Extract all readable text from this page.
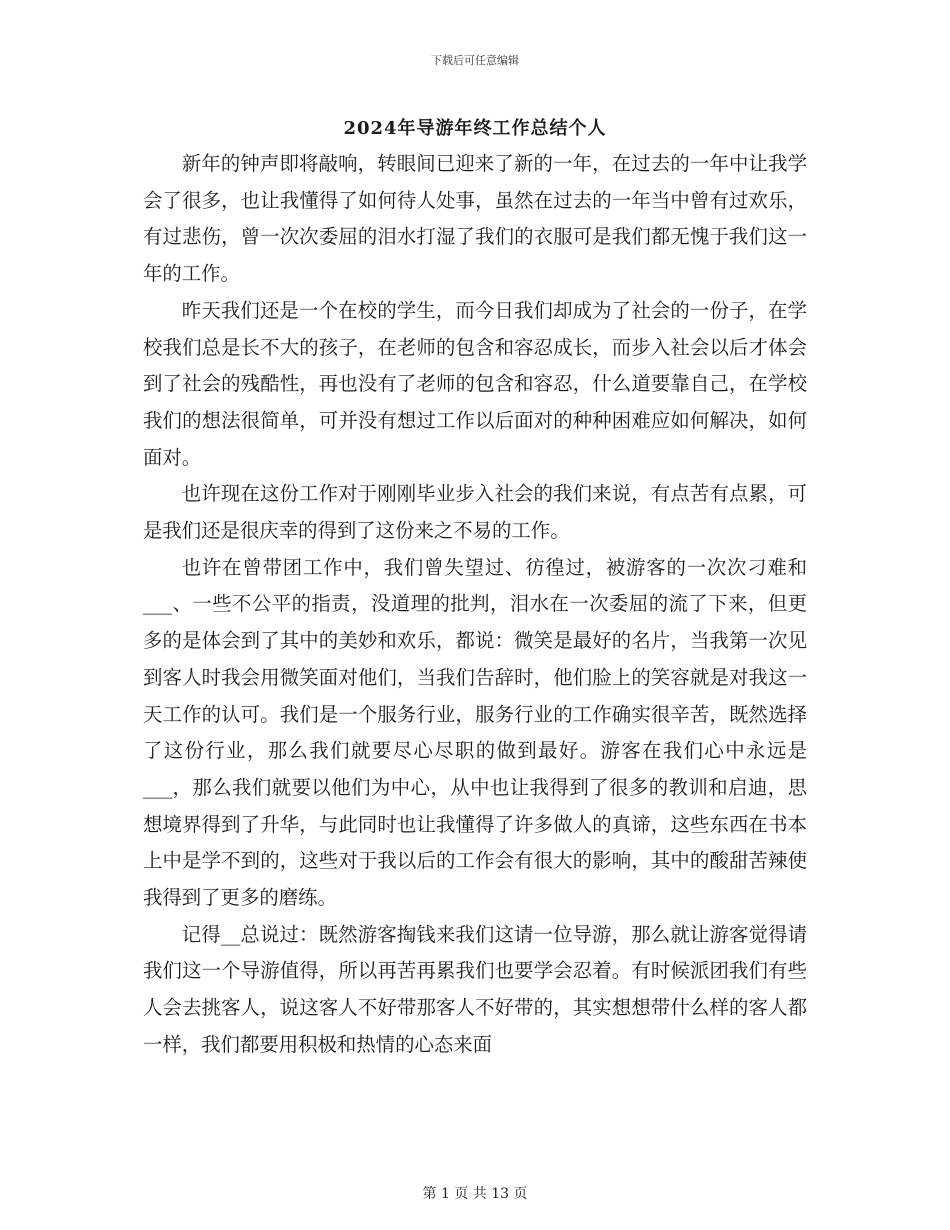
下载后可任意编辑
2024年导游年终工作总结个人

新年的钟声即将敲响，转眼间已迎来了新的一年，在过去的一年中让我学会了很多，也让我懂得了如何待人处事，虽然在过去的一年当中曾有过欢乐，有过悲伤，曾一次次委屈的泪水打湿了我们的衣服可是我们都无愧于我们这一年的工作。

昨天我们还是一个在校的学生，而今日我们却成为了社会的一份子，在学校我们总是长不大的孩子，在老师的包含和容忍成长，而步入社会以后才体会到了社会的残酷性，再也没有了老师的包含和容忍，什么道要靠自己，在学校我们的想法很简单，可并没有想过工作以后面对的种种困难应如何解决，如何面对。

也许现在这份工作对于刚刚毕业步入社会的我们来说，有点苦有点累，可是我们还是很庆幸的得到了这份来之不易的工作。

也许在曾带团工作中，我们曾失望过、彷徨过，被游客的一次次刁难和___、一些不公平的指责，没道理的批判，泪水在一次委屈的流了下来，但更多的是体会到了其中的美妙和欢乐，都说：微笑是最好的名片，当我第一次见到客人时我会用微笑面对他们，当我们告辞时，他们脸上的笑容就是对我这一天工作的认可。我们是一个服务行业，服务行业的工作确实很辛苦，既然选择了这份行业，那么我们就要尽心尽职的做到最好。游客在我们心中永远是___，那么我们就要以他们为中心，从中也让我得到了很多的教训和启迪，思想境界得到了升华，与此同时也让我懂得了许多做人的真谛，这些东西在书本上中是学不到的，这些对于我以后的工作会有很大的影响，其中的酸甜苦辣使我得到了更多的磨练。

记得__总说过：既然游客掏钱来我们这请一位导游，那么就让游客觉得请我们这一个导游值得，所以再苦再累我们也要学会忍着。有时候派团我们有些人会去挑客人，说这客人不好带那客人不好带的，其实想想带什么样的客人都一样，我们都要用积极和热情的心态来面

第 1 页 共 13 页
